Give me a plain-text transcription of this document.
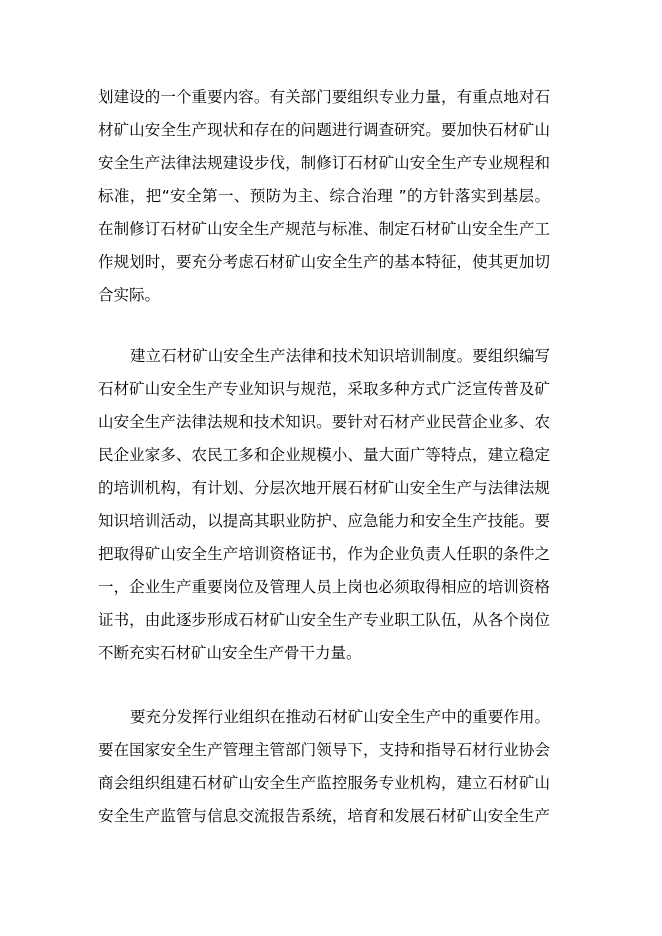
划建设的一个重要内容。有关部门要组织专业力量，有重点地对石
材矿山安全生产现状和存在的问题进行调查研究。要加快石材矿山
安全生产法律法规建设步伐，制修订石材矿山安全生产专业规程和
标准，把“安全第一、预防为主、综合治理 ”的方针落实到基层。
在制修订石材矿山安全生产规范与标准、制定石材矿山安全生产工
作规划时，要充分考虑石材矿山安全生产的基本特征，使其更加切
合实际。
建立石材矿山安全生产法律和技术知识培训制度。要组织编写
石材矿山安全生产专业知识与规范，采取多种方式广泛宣传普及矿
山安全生产法律法规和技术知识。要针对石材产业民营企业多、农
民企业家多、农民工多和企业规模小、量大面广等特点，建立稳定
的培训机构，有计划、分层次地开展石材矿山安全生产与法律法规
知识培训活动，以提高其职业防护、应急能力和安全生产技能。要
把取得矿山安全生产培训资格证书，作为企业负责人任职的条件之
一，企业生产重要岗位及管理人员上岗也必须取得相应的培训资格
证书，由此逐步形成石材矿山安全生产专业职工队伍，从各个岗位
不断充实石材矿山安全生产骨干力量。
要充分发挥行业组织在推动石材矿山安全生产中的重要作用。
要在国家安全生产管理主管部门领导下，支持和指导石材行业协会
商会组织组建石材矿山安全生产监控服务专业机构，建立石材矿山
安全生产监管与信息交流报告系统，培育和发展石材矿山安全生产
